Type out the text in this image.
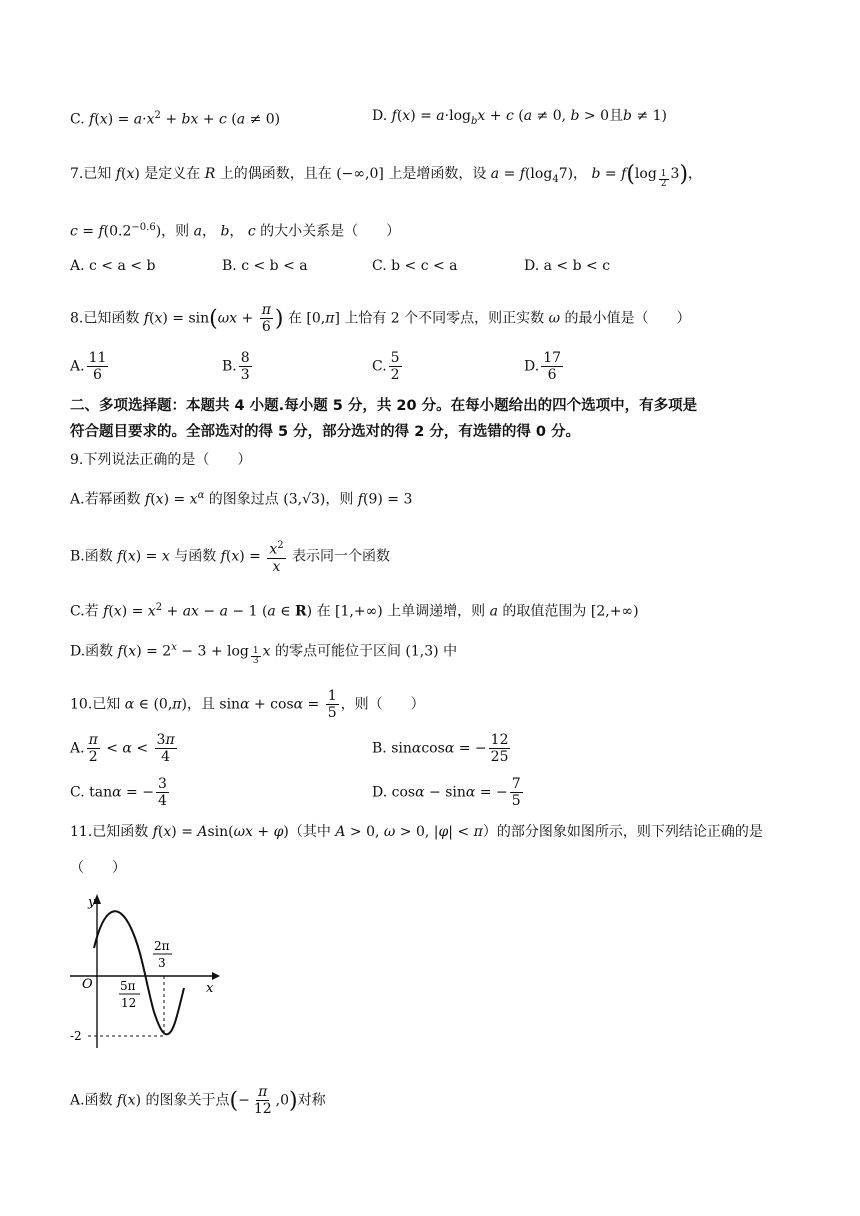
C. $f(x) = a\cdot x^2$ + bx + c (a ≠ 0)	D. $f(x) = a\cdot\log_bx + c$ (a ≠ 0, b > 0且b ≠ 1)
7.已知 f(x) 是定义在 R 上的偶函数，且在 (−∞,0] 上是增函数，设 $a = f(\log_47)$， b = f(log $_{\frac{1}{2}}$ 3)，
$c = f(0.2^{-0.6})$，则 a， b， c 的大小关系是（　　）
A. c < a < b	B. c < b < a	C. b < c < a	D. a < b < c
8.已知函数 $f(x) = \sin(\omega x + \frac{\pi}{6}$ ) 在 [0,π] 上恰有 2 个不同零点，则正实数 ω 的最小值是（　　）
A. $\frac{11}{6}$	B. $\frac{8}{3}$	C. $\frac{5}{2}$	D. $\frac{17}{6}$
二、多项选择题：本题共 4 小题.每小题 5 分，共 20 分。在每小题给出的四个选项中，有多项是
符合题目要求的。全部选对的得 5 分，部分选对的得 2 分，有选错的得 0 分。
9.下列说法正确的是（　　）
A.若幂函数 $f(x) = x^\alpha$ 的图象过点 (3,√3)，则 f(9) = 3
B.函数 f(x) = x 与函数 $f(x) = \frac{x^2}{x}$ 表示同一个函数
C.若 $f(x) = x^2$ + ax − a − 1 (a ∈ R) 在 [1,+∞) 上单调递增，则 a 的取值范围为 [2,+∞)
D.函数 $f(x) = 2^x - 3 + \log _{\frac{1}{3}}$ x 的零点可能位于区间 (1,3) 中
10.已知 α ∈ (0,π)，且 $\sin\alpha + \cos\alpha = \frac{1}{5}$ ，则（　　）
A. $\frac{\pi}{2} < \alpha < \frac{3\pi}{4}$	B. sinαcosα = − $\frac{12}{25}$
C. tanα = − $\frac{3}{4}$	D. cosα − sinα = − $\frac{7}{5}$
11.已知函数 f(x) = Asin(ωx + φ)（其中 A > 0, ω > 0, |φ| < π）的部分图象如图所示，则下列结论正确的是
（　　）
y
x
O
2π
3
5π
12
-2
A.函数 f(x) 的图象关于点(− $\frac{\pi}{12} ,0$)对称
